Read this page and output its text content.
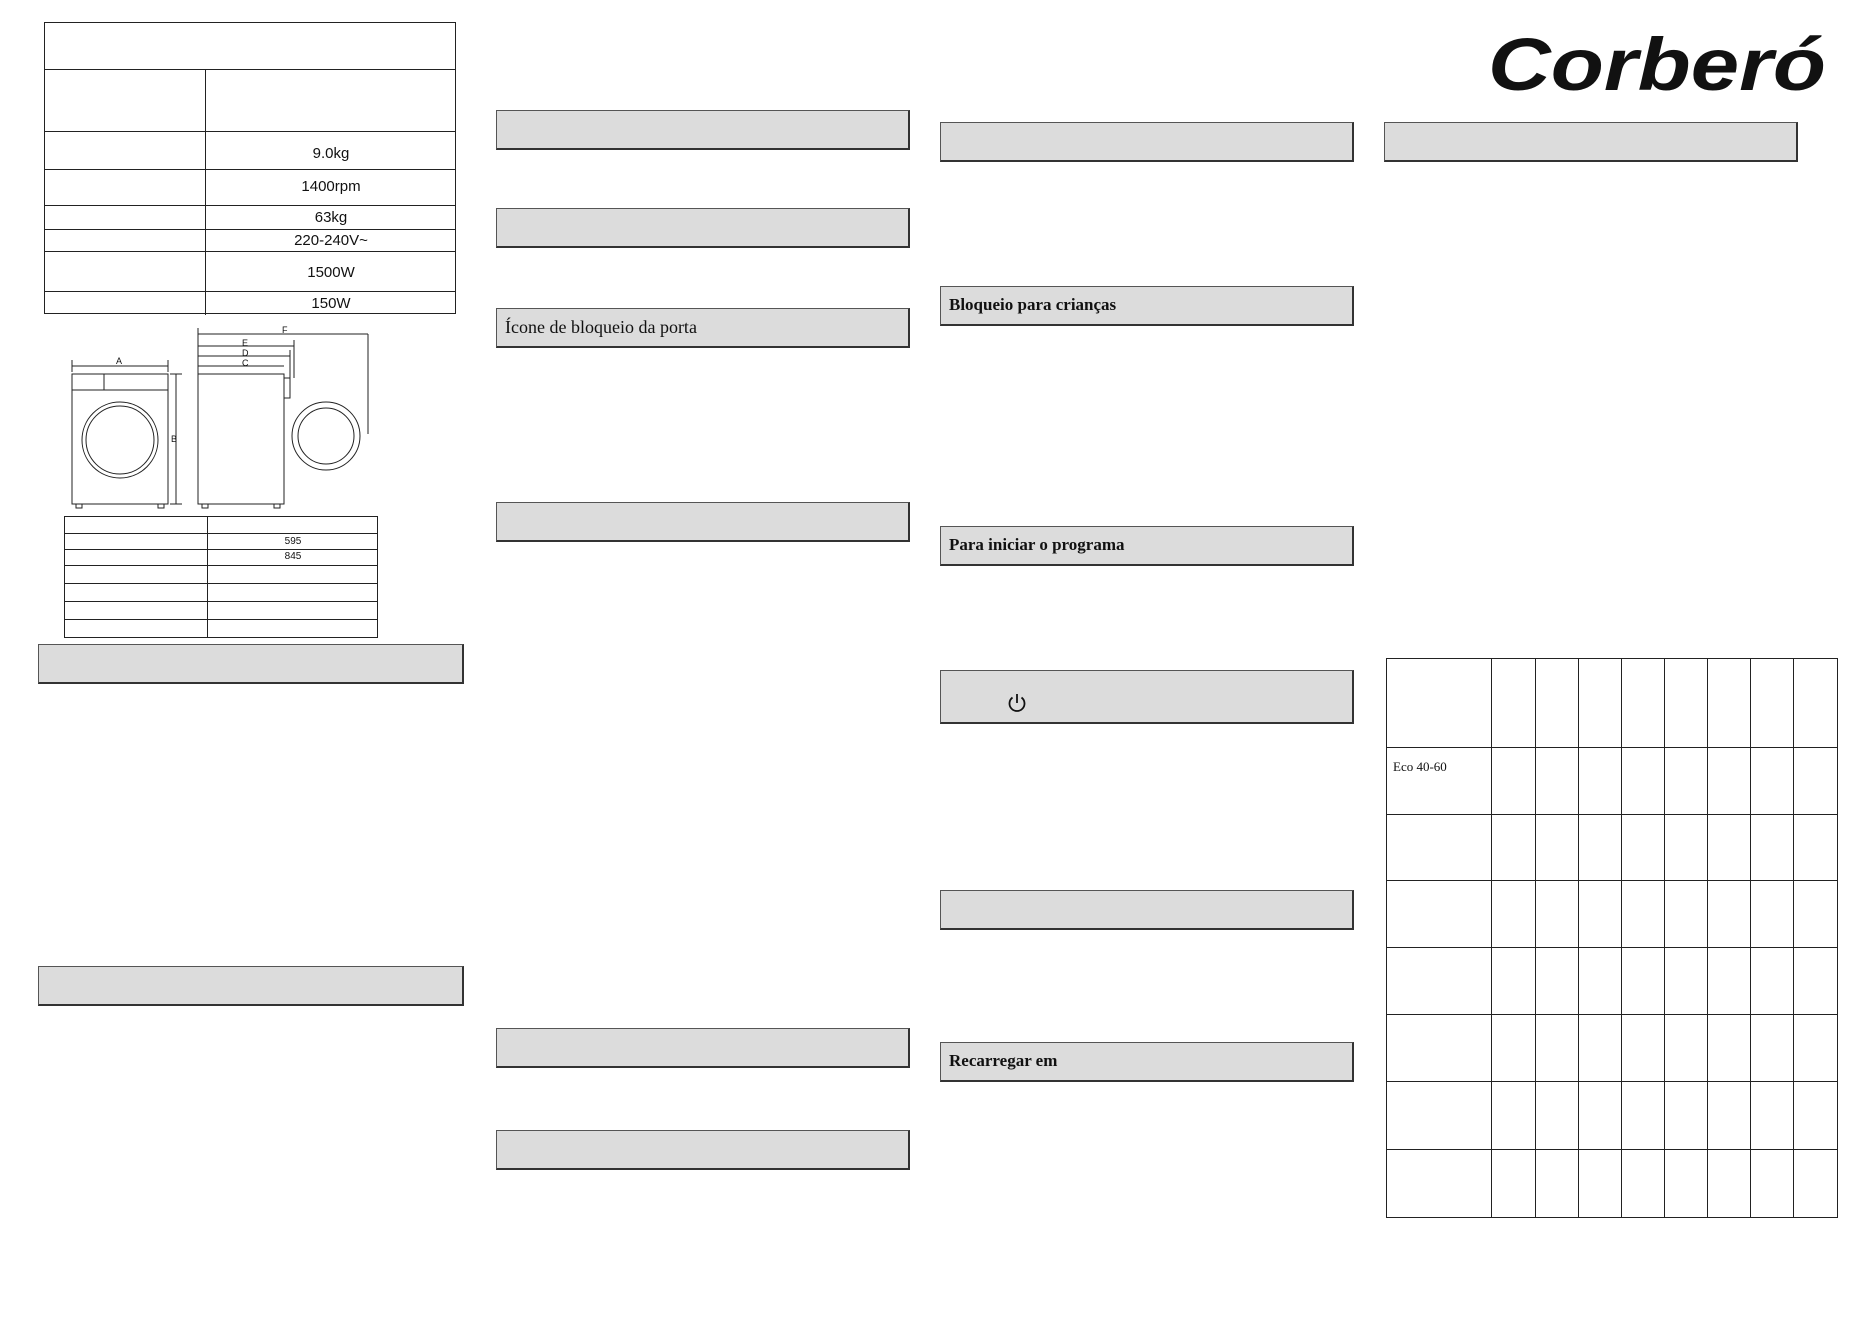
Corberó
9.0kg
1400rpm
63kg
220-240V~
1500W
150W
A
B
C
D
E
F
595
845
Ícone de bloqueio da porta
Bloqueio para crianças
Para iniciar o programa
Recarregar em
Eco 40-60
